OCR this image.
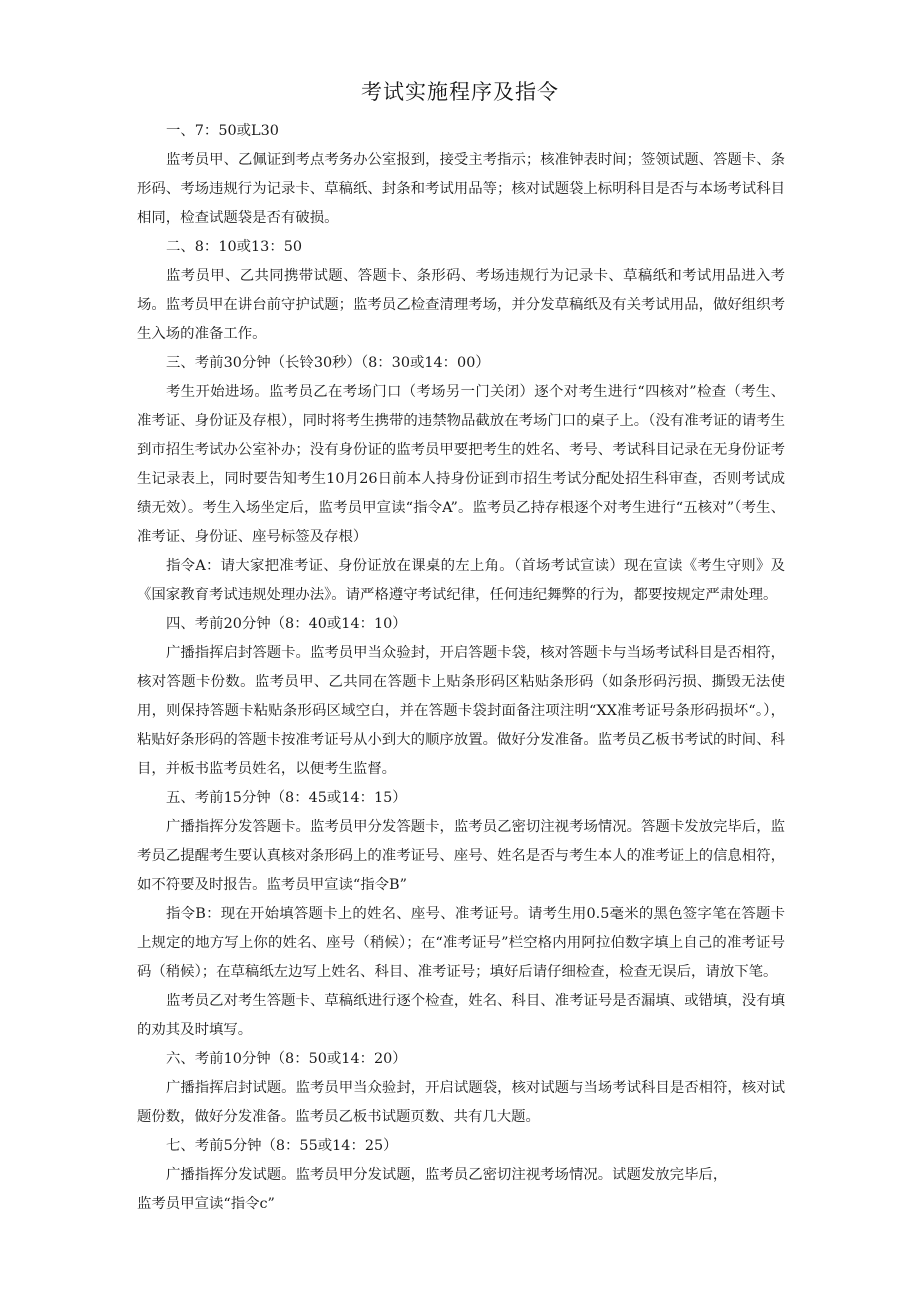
考试实施程序及指令

一、7：50或L30

监考员甲、乙佩证到考点考务办公室报到，接受主考指示；核准钟表时间；签领试题、答题卡、条形码、考场违规行为记录卡、草稿纸、封条和考试用品等；核对试题袋上标明科目是否与本场考试科目相同，检查试题袋是否有破损。

二、8：10或13：50

监考员甲、乙共同携带试题、答题卡、条形码、考场违规行为记录卡、草稿纸和考试用品进入考场。监考员甲在讲台前守护试题；监考员乙检查清理考场，并分发草稿纸及有关考试用品，做好组织考生入场的准备工作。

三、考前30分钟（长铃30秒）（8：30或14：00）

考生开始进场。监考员乙在考场门口（考场另一门关闭）逐个对考生进行“四核对”检查（考生、准考证、身份证及存根），同时将考生携带的违禁物品截放在考场门口的桌子上。（没有准考证的请考生到市招生考试办公室补办；没有身份证的监考员甲要把考生的姓名、考号、考试科目记录在无身份证考生记录表上，同时要告知考生10月26日前本人持身份证到市招生考试分配处招生科审查，否则考试成绩无效）。考生入场坐定后，监考员甲宣读“指令A”。监考员乙持存根逐个对考生进行“五核对”（考生、准考证、身份证、座号标签及存根）

指令A：请大家把准考证、身份证放在课桌的左上角。（首场考试宣读）现在宣读《考生守则》及《国家教育考试违规处理办法》。请严格遵守考试纪律，任何违纪舞弊的行为，都要按规定严肃处理。

四、考前20分钟（8：40或14：10）

广播指挥启封答题卡。监考员甲当众验封，开启答题卡袋，核对答题卡与当场考试科目是否相符，核对答题卡份数。监考员甲、乙共同在答题卡上贴条形码区粘贴条形码（如条形码污损、撕毁无法使用，则保持答题卡粘贴条形码区域空白，并在答题卡袋封面备注项注明“XX准考证号条形码损坏“。），粘贴好条形码的答题卡按准考证号从小到大的顺序放置。做好分发准备。监考员乙板书考试的时间、科目，并板书监考员姓名，以便考生监督。

五、考前15分钟（8：45或14：15）

广播指挥分发答题卡。监考员甲分发答题卡，监考员乙密切注视考场情况。答题卡发放完毕后，监考员乙提醒考生要认真核对条形码上的准考证号、座号、姓名是否与考生本人的准考证上的信息相符，如不符要及时报告。监考员甲宣读“指令B”

指令B：现在开始填答题卡上的姓名、座号、准考证号。请考生用0.5毫米的黑色签字笔在答题卡上规定的地方写上你的姓名、座号（稍候）；在“准考证号”栏空格内用阿拉伯数字填上自己的准考证号码（稍候）；在草稿纸左边写上姓名、科目、准考证号；填好后请仔细检查，检查无误后，请放下笔。

监考员乙对考生答题卡、草稿纸进行逐个检查，姓名、科目、准考证号是否漏填、或错填，没有填的劝其及时填写。

六、考前10分钟（8：50或14：20）

广播指挥启封试题。监考员甲当众验封，开启试题袋，核对试题与当场考试科目是否相符，核对试题份数，做好分发准备。监考员乙板书试题页数、共有几大题。

七、考前5分钟（8：55或14：25）

广播指挥分发试题。监考员甲分发试题，监考员乙密切注视考场情况。试题发放完毕后，

监考员甲宣读“指令c”
